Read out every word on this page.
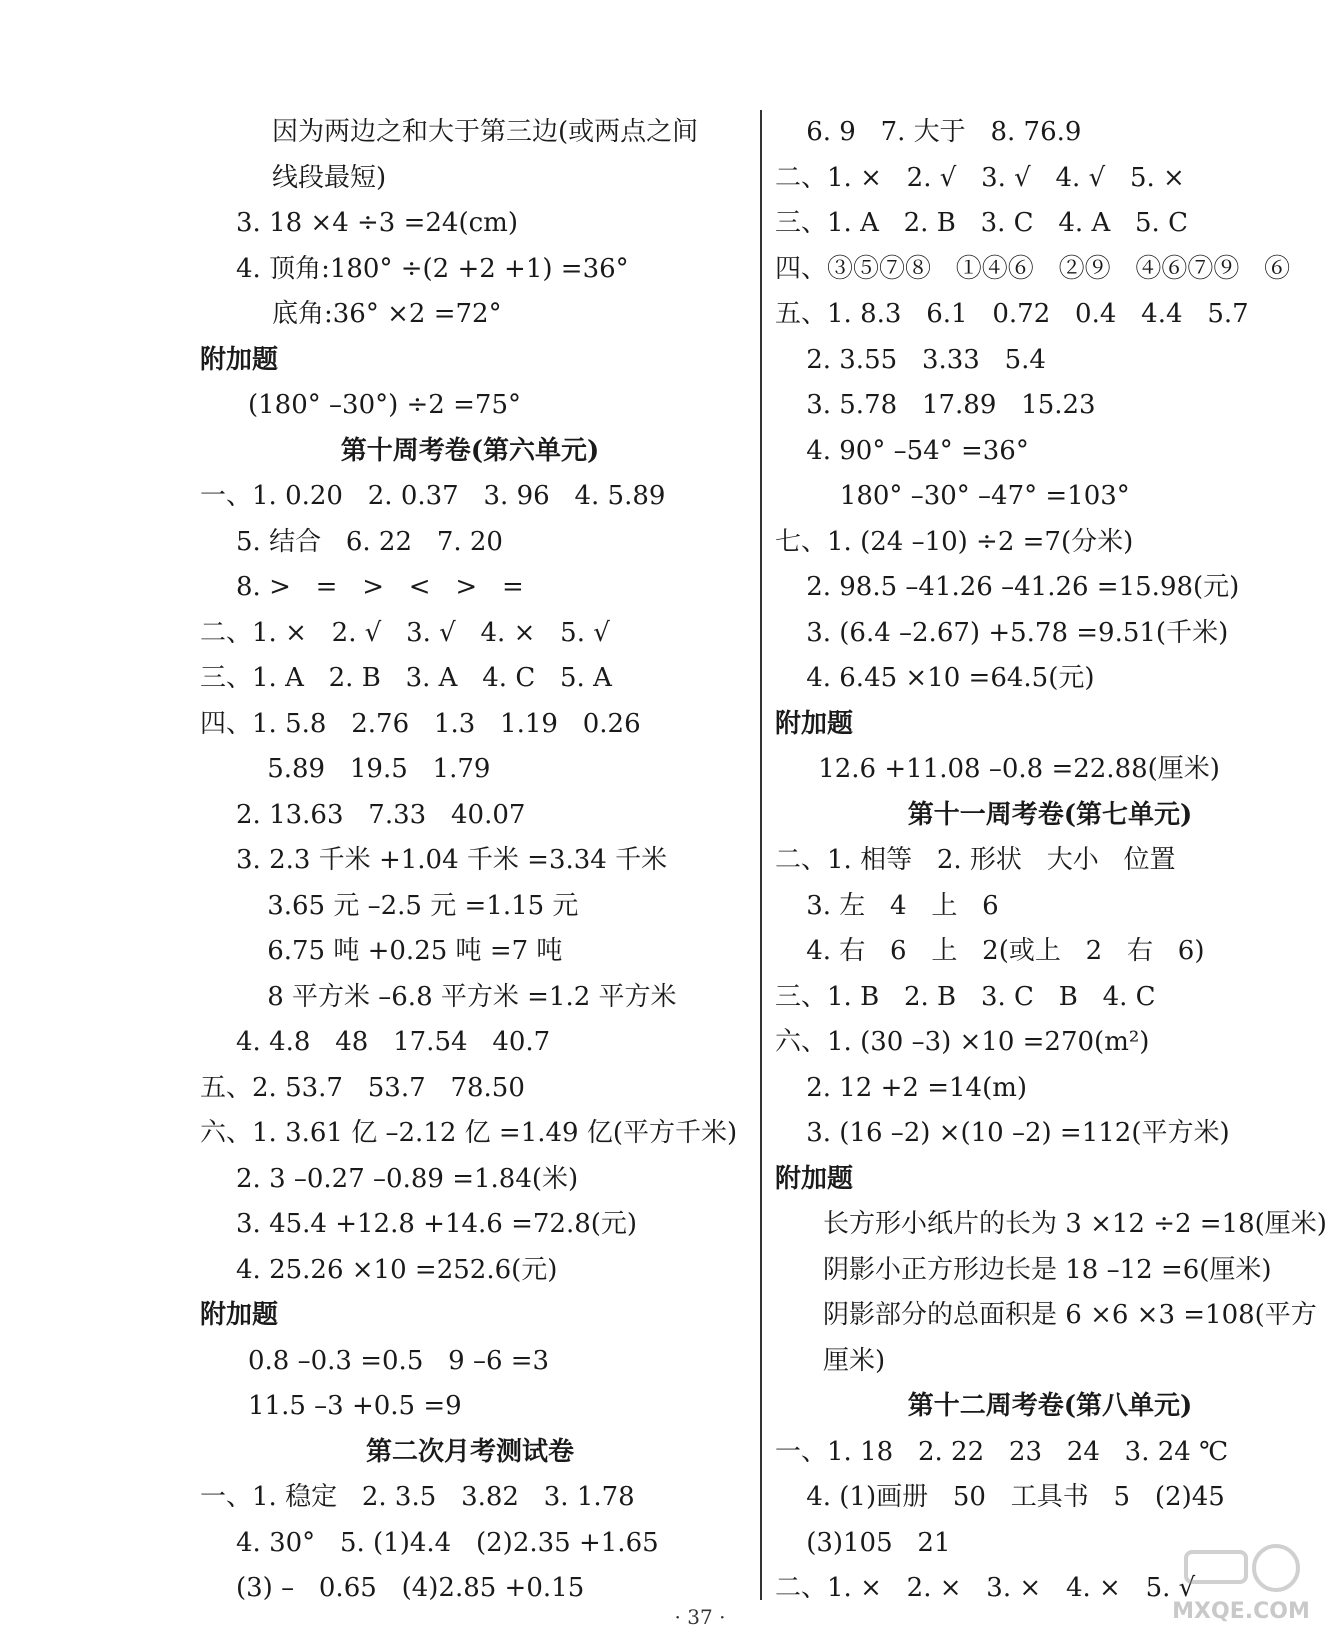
因为两边之和大于第三边(或两点之间
线段最短)
3. 18 ×4 ÷3 =24(cm)
4. 顶角:180° ÷(2 +2 +1) =36°
底角:36° ×2 =72°
附加题
(180° –30°) ÷2 =75°
第十周考卷(第六单元)
一、1. 0.20   2. 0.37   3. 96   4. 5.89
5. 结合   6. 22   7. 20
8. >   =   >   <   >   =
二、1. ×   2. √   3. √   4. ×   5. √
三、1. A   2. B   3. A   4. C   5. A
四、1. 5.8   2.76   1.3   1.19   0.26
5.89   19.5   1.79
2. 13.63   7.33   40.07
3. 2.3 千米 +1.04 千米 =3.34 千米
3.65 元 –2.5 元 =1.15 元
6.75 吨 +0.25 吨 =7 吨
8 平方米 –6.8 平方米 =1.2 平方米
4. 4.8   48   17.54   40.7
五、2. 53.7   53.7   78.50
六、1. 3.61 亿 –2.12 亿 =1.49 亿(平方千米)
2. 3 –0.27 –0.89 =1.84(米)
3. 45.4 +12.8 +14.6 =72.8(元)
4. 25.26 ×10 =252.6(元)
附加题
0.8 –0.3 =0.5   9 –6 =3
11.5 –3 +0.5 =9
第二次月考测试卷
一、1. 稳定   2. 3.5   3.82   3. 1.78
4. 30°   5. (1)4.4   (2)2.35 +1.65
(3) –   0.65   (4)2.85 +0.15
6. 9   7. 大于   8. 76.9
二、1. ×   2. √   3. √   4. √   5. ×
三、1. A   2. B   3. C   4. A   5. C
四、③⑤⑦⑧   ①④⑥   ②⑨   ④⑥⑦⑨   ⑥
五、1. 8.3   6.1   0.72   0.4   4.4   5.7
2. 3.55   3.33   5.4
3. 5.78   17.89   15.23
4. 90° –54° =36°
180° –30° –47° =103°
七、1. (24 –10) ÷2 =7(分米)
2. 98.5 –41.26 –41.26 =15.98(元)
3. (6.4 –2.67) +5.78 =9.51(千米)
4. 6.45 ×10 =64.5(元)
附加题
12.6 +11.08 –0.8 =22.88(厘米)
第十一周考卷(第七单元)
二、1. 相等   2. 形状   大小   位置
3. 左   4   上   6
4. 右   6   上   2(或上   2   右   6)
三、1. B   2. B   3. C   B   4. C
六、1. (30 –3) ×10 =270(m²)
2. 12 +2 =14(m)
3. (16 –2) ×(10 –2) =112(平方米)
附加题
长方形小纸片的长为 3 ×12 ÷2 =18(厘米)
阴影小正方形边长是 18 –12 =6(厘米)
阴影部分的总面积是 6 ×6 ×3 =108(平方
厘米)
第十二周考卷(第八单元)
一、1. 18   2. 22   23   24   3. 24 ℃
4. (1)画册   50   工具书   5   (2)45
(3)105   21
二、1. ×   2. ×   3. ×   4. ×   5. √
· 37 ·	MXQE.COM
